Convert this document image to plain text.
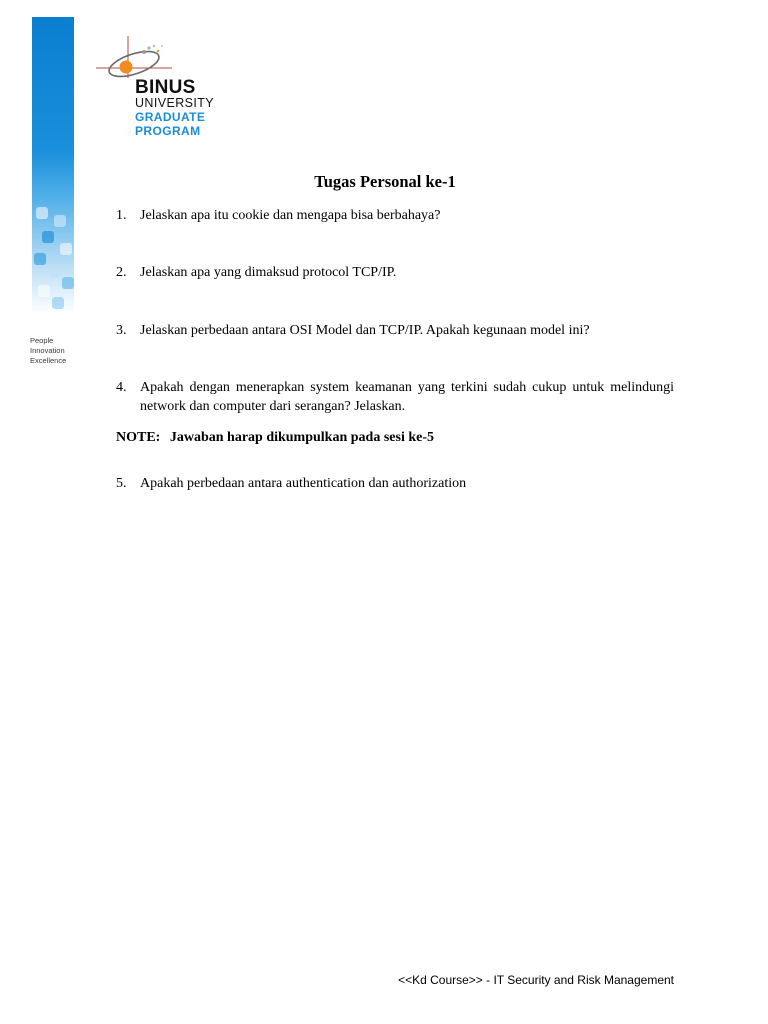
People
Innovation
Excellence
BINUS
UNIVERSITY
GRADUATE
PROGRAM
Tugas Personal ke-1
1. Jelaskan apa itu cookie dan mengapa bisa berbahaya?
2. Jelaskan apa yang dimaksud protocol TCP/IP.
3. Jelaskan perbedaan antara OSI Model dan TCP/IP. Apakah kegunaan model ini?
4. Apakah dengan menerapkan system keamanan yang terkini sudah cukup untuk melindungi network dan computer dari serangan? Jelaskan.
5. Apakah perbedaan antara authentication dan authorization
NOTE: Jawaban harap dikumpulkan pada sesi ke-5
<<Kd Course>> - IT Security and Risk Management
